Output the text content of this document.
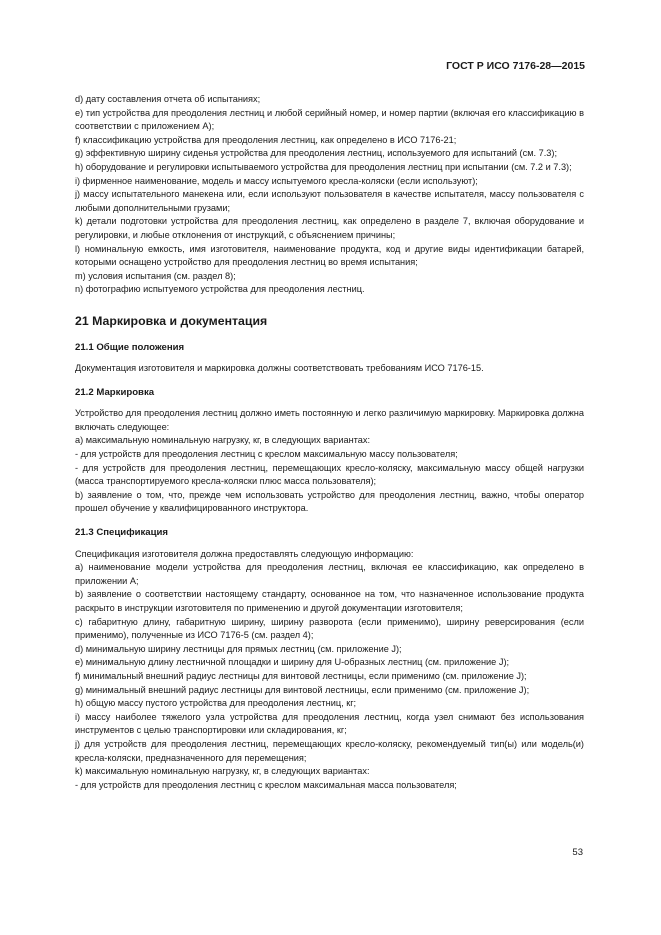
ГОСТ Р ИСО 7176-28—2015

d) дату составления отчета об испытаниях;

e) тип устройства для преодоления лестниц и любой серийный номер, и номер партии (включая его классификацию в соответствии с приложением А);

f) классификацию устройства для преодоления лестниц, как определено в ИСО 7176-21;

g) эффективную ширину сиденья устройства для преодоления лестниц, используемого для испытаний (см. 7.3);

h) оборудование и регулировки испытываемого устройства для преодоления лестниц при испытании (см. 7.2 и 7.3);

i) фирменное наименование, модель и массу испытуемого кресла-коляски (если используют);

j) массу испытательного манекена или, если используют пользователя в качестве испытателя, массу пользователя с любыми дополнительными грузами;

k) детали подготовки устройства для преодоления лестниц, как определено в разделе 7, включая оборудование и регулировки, и любые отклонения от инструкций, с объяснением причины;

l) номинальную емкость, имя изготовителя, наименование продукта, код и другие виды идентификации батарей, которыми оснащено устройство для преодоления лестниц во время испытания;

m) условия испытания (см. раздел 8);

n) фотографию испытуемого устройства для преодоления лестниц.

21 Маркировка и документация
21.1 Общие положения

Документация изготовителя и маркировка должны соответствовать требованиям ИСО 7176-15.

21.2 Маркировка

Устройство для преодоления лестниц должно иметь постоянную и легко различимую маркировку. Маркировка должна включать следующее:

a) максимальную номинальную нагрузку, кг, в следующих вариантах:

- для устройств для преодоления лестниц с креслом максимальную массу пользователя;

- для устройств для преодоления лестниц, перемещающих кресло-коляску, максимальную массу общей нагрузки (масса транспортируемого кресла-коляски плюс масса пользователя);

b) заявление о том, что, прежде чем использовать устройство для преодоления лестниц, важно, чтобы оператор прошел обучение у квалифицированного инструктора.

21.3 Спецификация

Спецификация изготовителя должна предоставлять следующую информацию:

a) наименование модели устройства для преодоления лестниц, включая ее классификацию, как определено в приложении А;

b) заявление о соответствии настоящему стандарту, основанное на том, что назначенное использование продукта раскрыто в инструкции изготовителя по применению и другой документации изготовителя;

c) габаритную длину, габаритную ширину, ширину разворота (если применимо), ширину реверсирования (если применимо), полученные из ИСО 7176-5 (см. раздел 4);

d) минимальную ширину лестницы для прямых лестниц (см. приложение J);

e) минимальную длину лестничной площадки и ширину для U-образных лестниц (см. приложение J);

f) минимальный внешний радиус лестницы для винтовой лестницы, если применимо (см. приложение J);

g) минимальный внешний радиус лестницы для винтовой лестницы, если применимо (см. приложение J);

h) общую массу пустого устройства для преодоления лестниц, кг;

i) массу наиболее тяжелого узла устройства для преодоления лестниц, когда узел снимают без использования инструментов с целью транспортировки или складирования, кг;

j) для устройств для преодоления лестниц, перемещающих кресло-коляску, рекомендуемый тип(ы) или модель(и) кресла-коляски, предназначенного для перемещения;

k) максимальную номинальную нагрузку, кг, в следующих вариантах:

- для устройств для преодоления лестниц с креслом максимальная масса пользователя;

53
